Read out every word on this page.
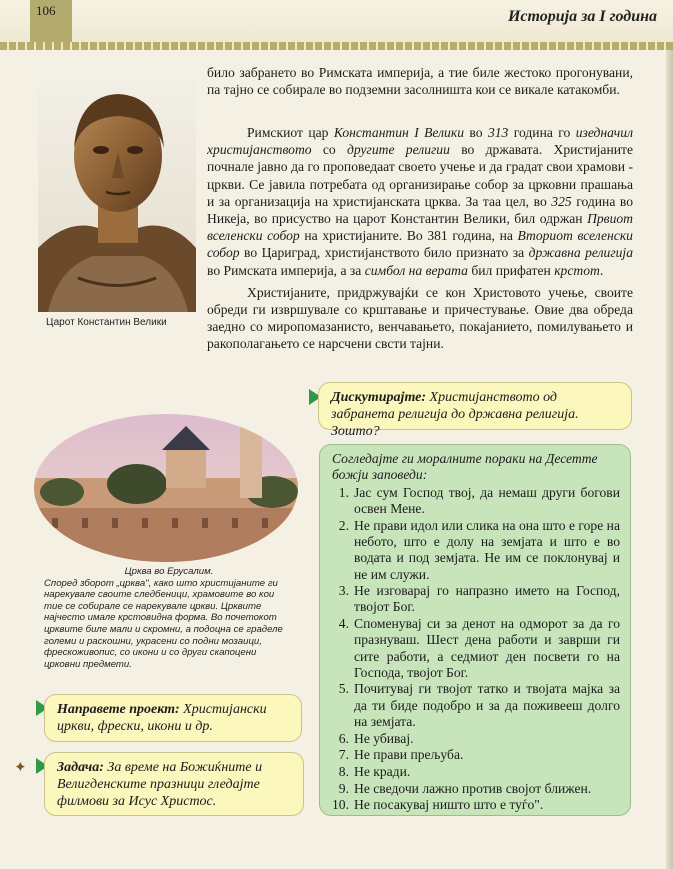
106	Историја за I година
Царот Константин Велики

било забрането во Римската империја, а тие биле жестоко прогонувани, па тајно се собирале во подземни засолништа кои се викале катакомби.

Римскиот цар Константин I Велики во 313 година го изедначил христијанството со другите религии во државата. Христијаните почнале јавно да го проповедаат своето учење и да градат свои храмови - цркви. Се јавила потребата од организирање собор за црковни прашања и за организација на христијанската црква. За таа цел, во 325 година во Никеја, во присуство на царот Константин Велики, бил одржан Првиот вселенски собор на христијаните. Во 381 година, на Вториот вселенски собор во Цариград, христијанството било признато за државна религија во Римската империја, а за симбол на верата бил прифатен крстот.

Христијаните, придржувајќи се кон Христовото учење, своите обреди ги извршувале со крштавање и причестување. Овие два обреда заедно со миропомазанисто, венчавањето, покајанието, помилувањето и ракополагањето се нарсчени свсти тајни.

Црква во Ерусалим.
Според зборот „црква", како што христијаните ги нарекувале своите следбеници, храмовите во кои тие се собирале се нарекувале цркви. Црквите најчесто имале крстовидна форма. Во почетокот црквите биле мали и скромни, а подоцна се граделе големи и раскошни, украсени со подни мозаици, фрескоживопис, со икони и со други скапоцени црковни предмети.
Дискутирајте: Христијанството од забранета религија до државна религија. Зошто?
Направете проект: Христијански цркви, фрески, икони и др.
✦	Задача: За време на Божиќните и Велигденските празници гледајте филмови за Исус Христос.

Согледајте ги моралните пораки на Десетте божји заповеди:

1. Јас сум Господ твој, да немаш други богови освен Мене.
2. Не прави идол или слика на она што е горе на небото, што е долу на земјата и што е во водата и под земјата. Не им се поклонувај и не им служи.
3. Не изговарај го напразно името на Господ, твојот Бог.
4. Споменувај си за денот на одморот за да го празнуваш. Шест дена работи и заврши ги сите работи, а седмиот ден посвети го на Господа, твојот Бог.
5. Почитувај ги твојот татко и твојата мајка за да ти биде подобро и за да поживееш долго на земјата.
6. Не убивај.
7. Не прави прељуба.
8. Не кради.
9. Не сведочи лажно против својот ближен.
10. Не посакувај ништо што е туѓо".
